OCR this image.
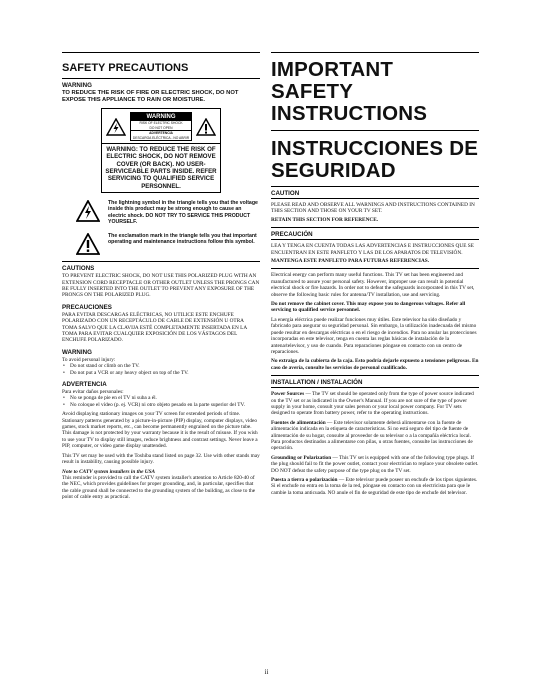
SAFETY PRECAUTIONS

WARNING

TO REDUCE THE RISK OF FIRE OR ELECTRIC SHOCK, DO NOT EXPOSE THIS APPLIANCE TO RAIN OR MOISTURE.

WARNING
RISK OF ELECTRIC SHOCK
DO NOT OPEN
ADVERTENCIA
DESCARGA ELÉCTRICA - NO ABRIR

WARNING: TO REDUCE THE RISK OF ELECTRIC SHOCK, DO NOT REMOVE COVER (OR BACK). NO USER-SERVICEABLE PARTS INSIDE. REFER SERVICING TO QUALIFIED SERVICE PERSONNEL.

The lightning symbol in the triangle tells you that the voltage inside this product may be strong enough to cause an electric shock. DO NOT TRY TO SERVICE THIS PRODUCT YOURSELF.
The exclamation mark in the triangle tells you that important operating and maintenance instructions follow this symbol.

CAUTIONS

TO PREVENT ELECTRIC SHOCK, DO NOT USE THIS POLARIZED PLUG WITH AN EXTENSION CORD RECEPTACLE OR OTHER OUTLET UNLESS THE PRONGS CAN BE FULLY INSERTED INTO THE OUTLET TO PREVENT ANY EXPOSURE OF THE PRONGS ON THE POLARIZED PLUG.

PRECAUCIONES

PARA EVITAR DESCARGAS ELÉCTRICAS, NO UTILICE ESTE ENCHUFE POLARIZADO CON UN RECEPTÁCULO DE CABLE DE EXTENSIÓN U OTRA TOMA SALVO QUE LA CLAVIJA ESTÉ COMPLETAMENTE INSERTADA EN LA TOMA PARA EVITAR CUALQUIER EXPOSICIÓN DE LOS VÁSTAGOS DEL ENCHUFE POLARIZADO.

WARNING

To avoid personal injury:

• Do not stand or climb on the TV.
• Do not put a VCR or any heavy object on top of the TV.

ADVERTENCIA

Para evitar daños personales:

• No se ponga de pie en el TV ni suba a él.
• No coloque el vídeo (p. ej. VCR) ni otro objeto pesado en la parte superior del TV.

Avoid displaying stationary images on your TV screen for extended periods of time. Stationary patterns generated by a picture-in-picture (PIP) display, computer displays, video games, stock market reports, etc., can become permanently engrained on the picture tube. This damage is not protected by your warranty because it is the result of misuse. If you wish to use your TV to display still images, reduce brightness and contrast settings. Never leave a PIP, computer, or video game display unattended.

This TV set may be used with the Toshiba stand listed on page 32. Use with other stands may result in instability, causing possible injury.

Note to CATV system installers in the USA

This reminder is provided to call the CATV system installer's attention to Article 820-40 of the NEC, which provides guidelines for proper grounding, and, in particular, specifies that the cable ground shall be connected to the grounding system of the building, as close to the point of cable entry as practical.

IMPORTANT SAFETY INSTRUCTIONS
INSTRUCCIONES DE SEGURIDAD

CAUTION

PLEASE READ AND OBSERVE ALL WARNINGS AND INSTRUCTIONS CONTAINED IN THIS SECTION AND THOSE ON YOUR TV SET.

RETAIN THIS SECTION FOR REFERENCE.

PRECAUCIÓN

LEA Y TENGA EN CUENTA TODAS LAS ADVERTENCIAS E INSTRUCCIONES QUE SE ENCUENTRAN EN ESTE PANFLETO Y LAS DE LOS APARATOS DE TELEVISIÓN.

MANTENGA ESTE PANFLETO PARA FUTURAS REFERENCIAS.

Electrical energy can perform many useful functions. This TV set has been engineered and manufactured to assure your personal safety. However, improper use can result in potential electrical shock or fire hazards. In order not to defeat the safeguards incorporated in this TV set, observe the following basic rules for antenna/TV installation, use and servicing.

Do not remove the cabinet cover. This may expose you to dangerous voltages. Refer all servicing to qualified service personnel.

La energía eléctrica puede realizar funciones muy útiles. Este televisor ha sido diseñado y fabricado para asegurar su seguridad personal. Sin embargo, la utilización inadecuada del mismo puede resultar en descargas eléctricas o en el riesgo de incendios. Para no anular las protecciones incorporadas en este televisor, tenga en cuenta las reglas básicas de instalación de la antena/televisor, y uso de cuando. Para reparaciones póngase en contacto con un centro de reparaciones.

No extraiga de la cubierta de la caja. Esto podría dejarle expuesto a tensiones peligrosas. En caso de avería, consulte los servicios de personal cualificado.

INSTALLATION / INSTALACIÓN

Power Sources — The TV set should be operated only from the type of power source indicated on the TV set or as indicated in the Owner's Manual. If you are not sure of the type of power supply in your home, consult your sales person or your local power company. For TV sets designed to operate from battery power, refer to the operating instructions.

Fuentes de alimentación — Este televisor solamente deberá alimentarse con la fuente de alimentación indicada en la etiqueta de características. Si no está seguro del tipo de fuente de alimentación de su hogar, consulte al proveedor de su televisor o a la compañía eléctrica local. Para productos destinados a alimentarse con pilas, u otras fuentes, consulte las instrucciones de operación.

Grounding or Polarization — This TV set is equipped with one of the following type plugs. If the plug should fail to fit the power outlet, contact your electrician to replace your obsolete outlet. DO NOT defeat the safety purpose of the type plug on the TV set.

Puesta a tierra o polarización — Este televisor puede poseer un enchufe de los tipos siguientes. Si el enchufe no entra en la toma de la red, póngase en contacto con un electricista para que le cambie la toma anticuada. NO anule el fin de seguridad de este tipo de enchufe del televisor.

ii
